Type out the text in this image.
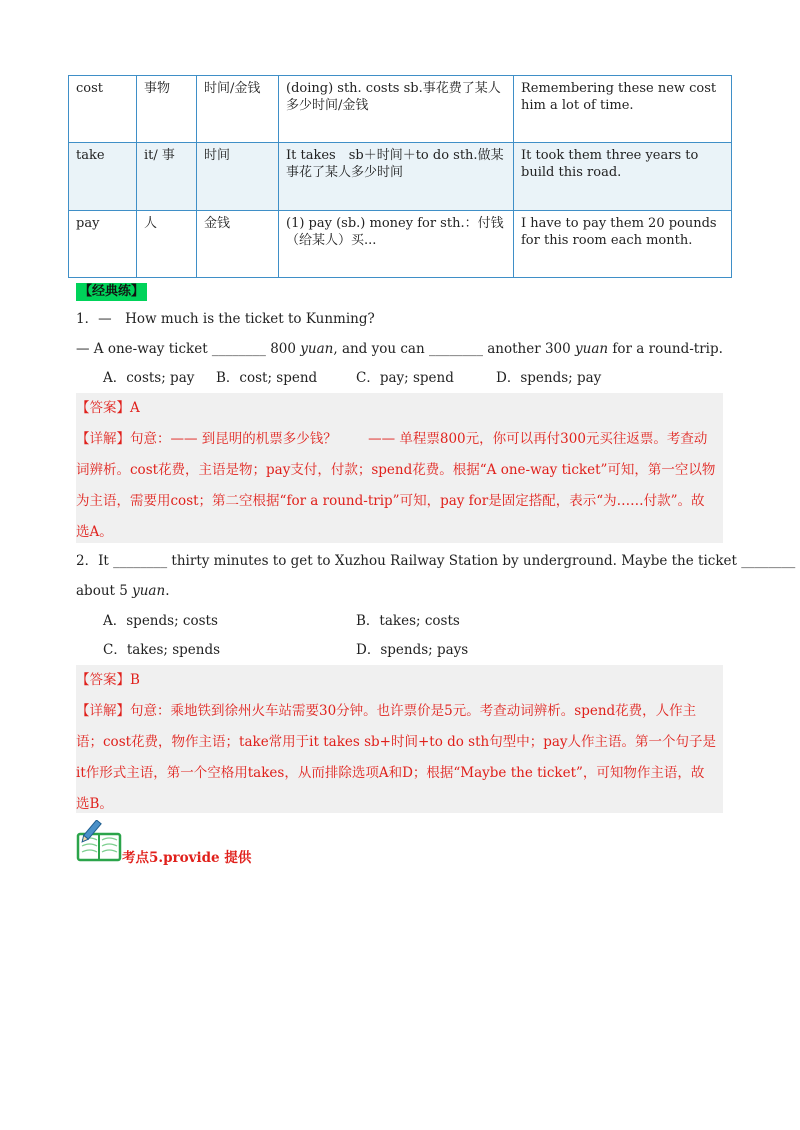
cost	事物	时间/金钱	(doing) sth. costs sb.事花费了某人多少时间/金钱	Remembering these new cost him a lot of time.
take	it/ 事	时间	It takes　sb＋时间＋to do sth.做某事花了某人多少时间	It took them three years to build this road.
pay	人	金钱	(1) pay (sb.) money for sth.：付钱（给某人）买...	I have to pay them 20 pounds for this room each month.
【经典练】
1．—　How much is the ticket to Kunming?
— A one-way ticket ________ 800 yuan, and you can ________ another 300 yuan for a round-trip.
A．costs; pay B．cost; spend	C．pay; spend	D．spends; pay

【答案】A

【详解】句意：—— 到昆明的机票多少钱？　　 —— 单程票800元，你可以再付300元买往返票。考查动词辨析。cost花费，主语是物；pay支付，付款；spend花费。根据“A one-way ticket”可知，第一空以物为主语，需要用cost；第二空根据“for a round-trip”可知，pay for是固定搭配，表示“为……付款”。故选A。

2．It ________ thirty minutes to get to Xuzhou Railway Station by underground. Maybe the ticket ________
about 5 yuan.
A．spends; costs	B．takes; costs
C．takes; spends	D．spends; pays

【答案】B

【详解】句意：乘地铁到徐州火车站需要30分钟。也许票价是5元。考查动词辨析。spend花费，人作主语；cost花费，物作主语；take常用于it takes sb+时间+to do sth句型中；pay人作主语。第一个句子是it作形式主语，第一个空格用takes，从而排除选项A和D；根据“Maybe the ticket”，可知物作主语，故选B。

考点5.provide 提供
